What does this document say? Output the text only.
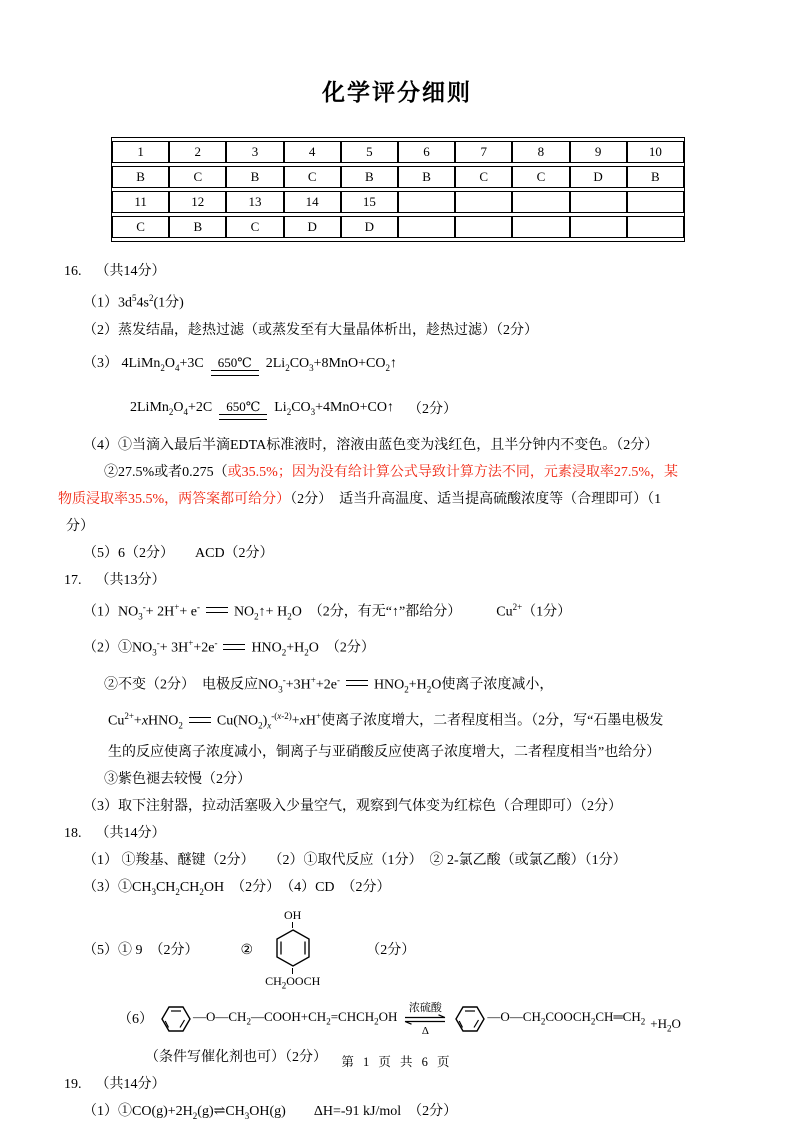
化学评分细则
1	2	3	4	5	6	7	8	9	10
B	C	B	C	B	B	C	C	D	B
11	12	13	14	15					
C	B	C	D	D					
16. （共14分）
$(1)3d^54s^2(1$分)
（2）蒸发结晶，趁热过滤（或蒸发至有大量晶体析出，趁热过滤）（2分）
（3） $4LiMn_2O_4+3C$ 650℃ $2Li_2CO_3+8MnO+CO_2↑$
$2LiMn_2O_4+2C$ 650℃ $Li_2CO_3+4MnO+CO↑$ （2分）
（4）①当滴入最后半滴EDTA标准液时，溶液由蓝色变为浅红色，且半分钟内不变色。（2分）
②27.5%或者0.275（或35.5%；因为没有给计算公式导致计算方法不同，元素浸取率27.5%，某
物质浸取率35.5%，两答案都可给分）（2分）　适当升高温度、适当提高硫酸浓度等（合理即可）（1
分）
（5）6（2分）　　ACD（2分）
17. （共13分）
$(1)NO_3^-+ 2H^++ e^-$ $NO_2↑+ H_2O$　（2分，有无“↑”都给分）　　　$Cu^{2+}(1$分）
$(2)①NO_3^-+ 3H^++2e^-$ $HNO_2+H_2O$　（2分）
②不变（2分）　电极反应$NO_3^-+3H^++2e^-$ $HNO_2+H_2O$使离子浓度减小，
$Cu^{2+}+xHNO_2$ $Cu(NO_2)_x^{-(x-2)}+xH^+$使离子浓度增大，二者程度相当。（2分，写“石墨电极发
生的反应使离子浓度减小，铜离子与亚硝酸反应使离子浓度增大，二者程度相当”也给分）
③紫色褪去较慢（2分）
（3）取下注射器，拉动活塞吸入少量空气，观察到气体变为红棕色（合理即可）（2分）
18. （共14分）
（1） ①羧基、醚键（2分）　　（2）①取代反应（1分）　② 2-氯乙酸（或氯乙酸）（1分）
$(3)①CH_3CH_2CH_2OH$　（2分）　（4）CD　（2分）
（5）① 9　（2分）	②
OH
$CH_2OOCH$
（2分）
（6）	$—O—CH_2—COOH+CH_2=CHCH_2OH$
浓硫酸
Δ
$—O—CH_2COOCH_2CH═CH_2 +H_2O$
（条件写催化剂也可）（2分）
19. （共14分）
$(1)①CO(g)+2H_2(g)\rightleftharpoons CH_3OH(g)$　　ΔH=-91 kJ/mol　（2分）
第 1 页 共 6 页
